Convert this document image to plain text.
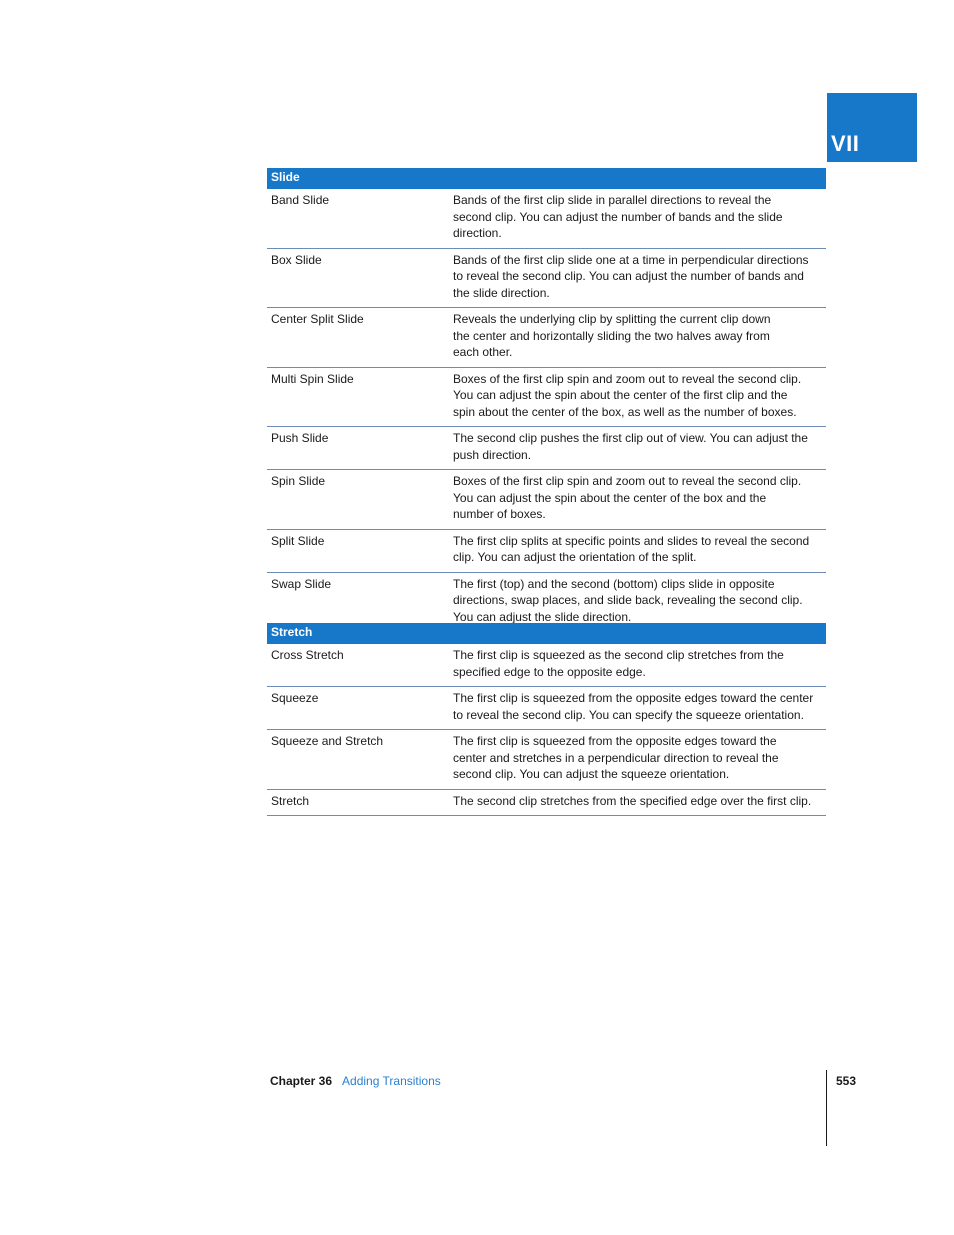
VII
Slide
Band Slide	Bands of the first clip slide in parallel directions to reveal the
second clip. You can adjust the number of bands and the slide
direction.
Box Slide	Bands of the first clip slide one at a time in perpendicular directions
to reveal the second clip. You can adjust the number of bands and
the slide direction.
Center Split Slide	Reveals the underlying clip by splitting the current clip down
the center and horizontally sliding the two halves away from
each other.
Multi Spin Slide	Boxes of the first clip spin and zoom out to reveal the second clip.
You can adjust the spin about the center of the first clip and the
spin about the center of the box, as well as the number of boxes.
Push Slide	The second clip pushes the first clip out of view. You can adjust the
push direction.
Spin Slide	Boxes of the first clip spin and zoom out to reveal the second clip.
You can adjust the spin about the center of the box and the
number of boxes.
Split Slide	The first clip splits at specific points and slides to reveal the second
clip. You can adjust the orientation of the split.
Swap Slide	The first (top) and the second (bottom) clips slide in opposite
directions, swap places, and slide back, revealing the second clip.
You can adjust the slide direction.
Stretch
Cross Stretch	The first clip is squeezed as the second clip stretches from the
specified edge to the opposite edge.
Squeeze	The first clip is squeezed from the opposite edges toward the center
to reveal the second clip. You can specify the squeeze orientation.
Squeeze and Stretch	The first clip is squeezed from the opposite edges toward the
center and stretches in a perpendicular direction to reveal the
second clip. You can adjust the squeeze orientation.
Stretch	The second clip stretches from the specified edge over the first clip.
Chapter 36 Adding Transitions	553
